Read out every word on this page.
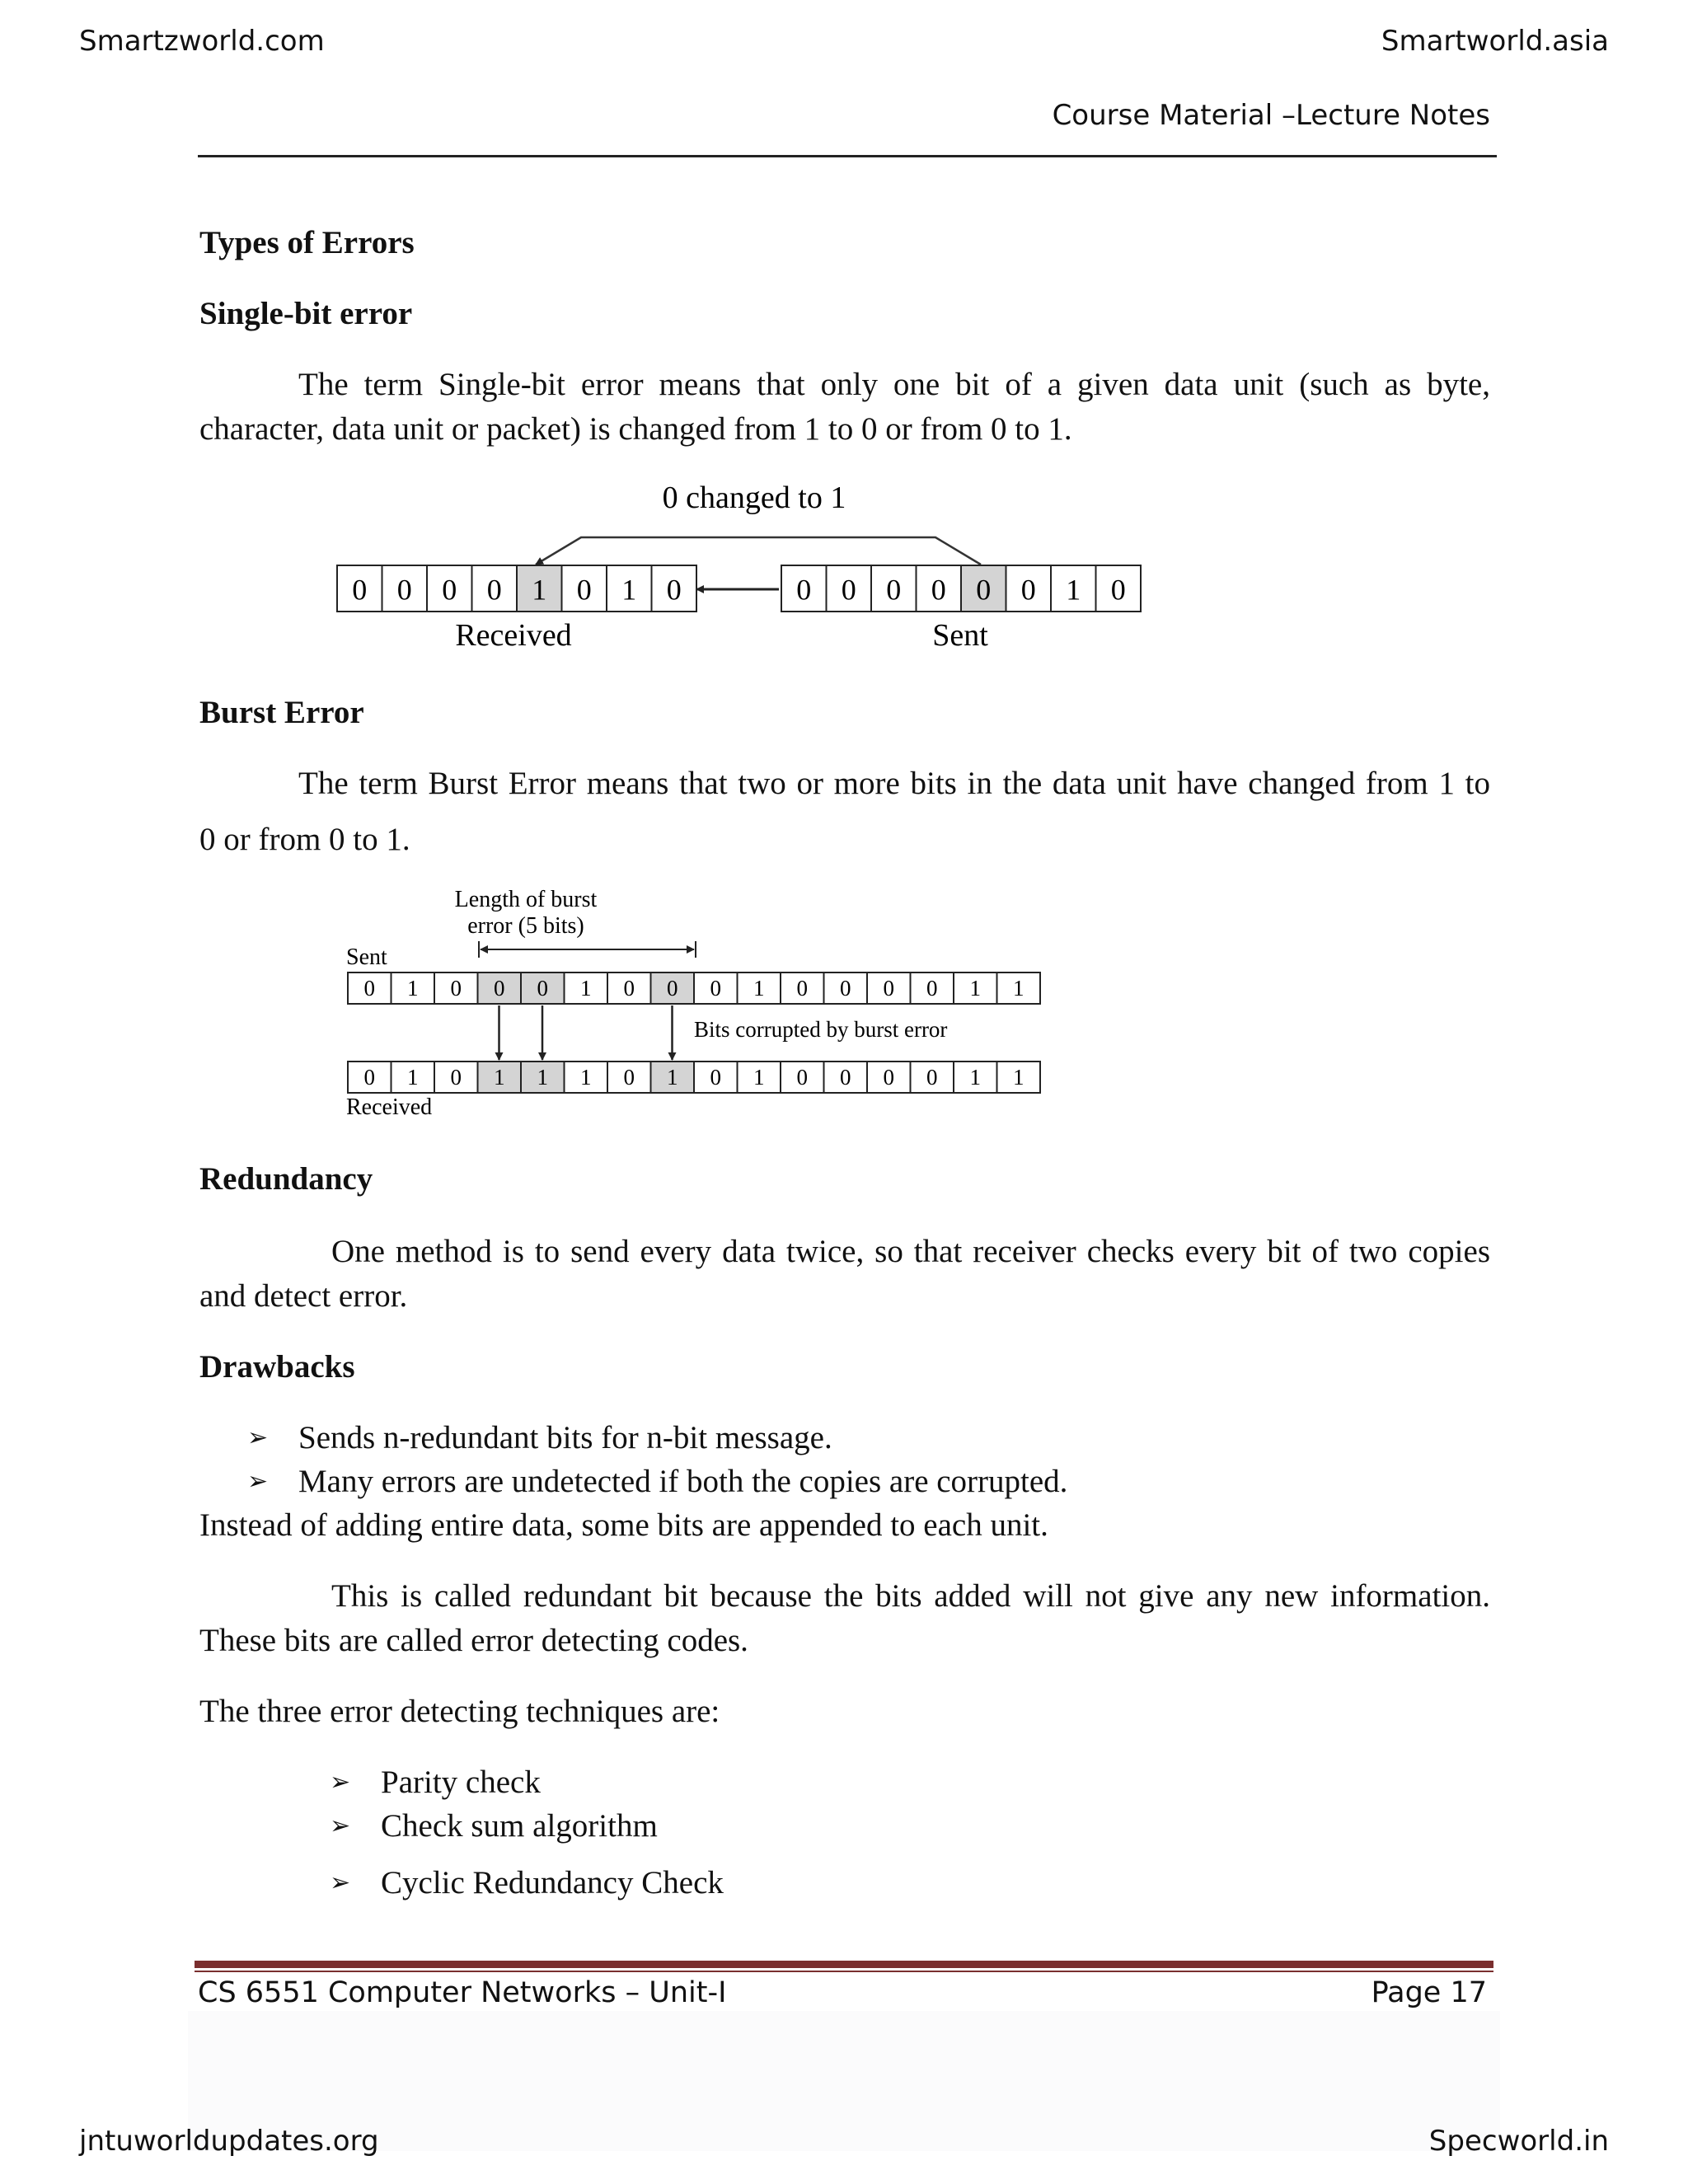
Smartzworld.com	Smartworld.asia
Course Material –Lecture Notes
Types of Errors
Single-bit error
The term Single-bit error means that only one bit of a given data unit (such as byte, character, data unit or packet) is changed from 1 to 0 or from 0 to 1.
0 changed to 1
0 0 0 0 1 0 1 0	0 0 0 0 0 0 1 0
Received	Sent
Burst Error
The term Burst Error means that two or more bits in the data unit have changed from 1 to
0 or from 0 to 1.
Length of burst
error (5 bits)
Sent
0 1 0 0 0 1 0 0 0 1 0 0 0 0 1 1
Bits corrupted by burst error
0 1 0 1 1 1 0 1 0 1 0 0 0 0 1 1
Received
Redundancy
One method is to send every data twice, so that receiver checks every bit of two copies and detect error.
Drawbacks
➢ Sends n-redundant bits for n-bit message.
➢ Many errors are undetected if both the copies are corrupted.
Instead of adding entire data, some bits are appended to each unit.
This is called redundant bit because the bits added will not give any new information. These bits are called error detecting codes.
The three error detecting techniques are:
➢ Parity check
➢ Check sum algorithm
➢ Cyclic Redundancy Check
CS 6551 Computer Networks – Unit-I	Page 17
jntuworldupdates.org	Specworld.in
